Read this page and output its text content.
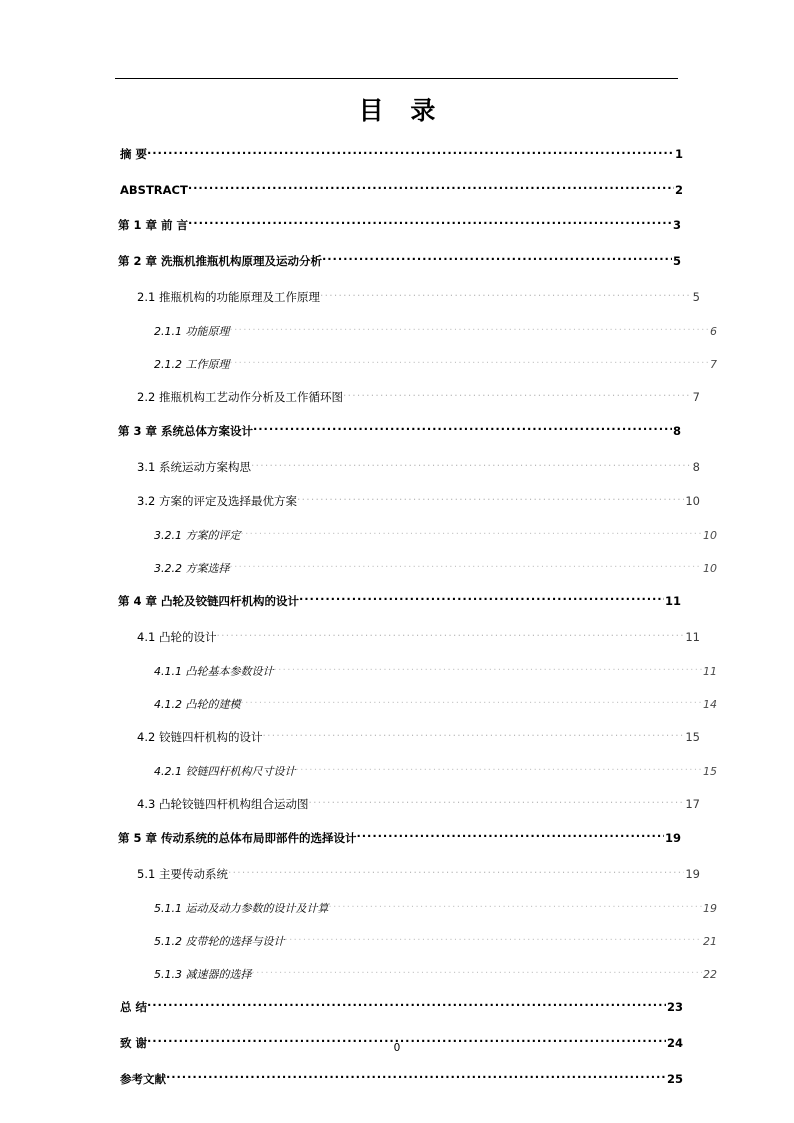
目 录
摘 要 .....	1
ABSTRACT .....	2
第 1 章 前 言 .....	3
第 2 章 洗瓶机推瓶机构原理及运动分析 .....	5
2.1 推瓶机构的功能原理及工作原理 .....	5
2.1.1 功能原理 .....	6
2.1.2 工作原理 .....	7
2.2 推瓶机构工艺动作分析及工作循环图 .....	7
第 3 章 系统总体方案设计 .....	8
3.1 系统运动方案构思 .....	8
3.2 方案的评定及选择最优方案 .....	10
3.2.1 方案的评定 .....	10
3.2.2 方案选择 .....	10
第 4 章 凸轮及铰链四杆机构的设计 .....	11
4.1 凸轮的设计 .....	11
4.1.1 凸轮基本参数设计 .....	11
4.1.2 凸轮的建模 .....	14
4.2 铰链四杆机构的设计 .....	15
4.2.1 铰链四杆机构尺寸设计 .....	15
4.3 凸轮铰链四杆机构组合运动图 .....	17
第 5 章 传动系统的总体布局即部件的选择设计 .....	19
5.1 主要传动系统 .....	19
5.1.1 运动及动力参数的设计及计算 .....	19
5.1.2 皮带轮的选择与设计 .....	21
5.1.3 减速器的选择 .....	22
总 结 .....	23
致 谢 .....	24
参考文献 .....	25
0
